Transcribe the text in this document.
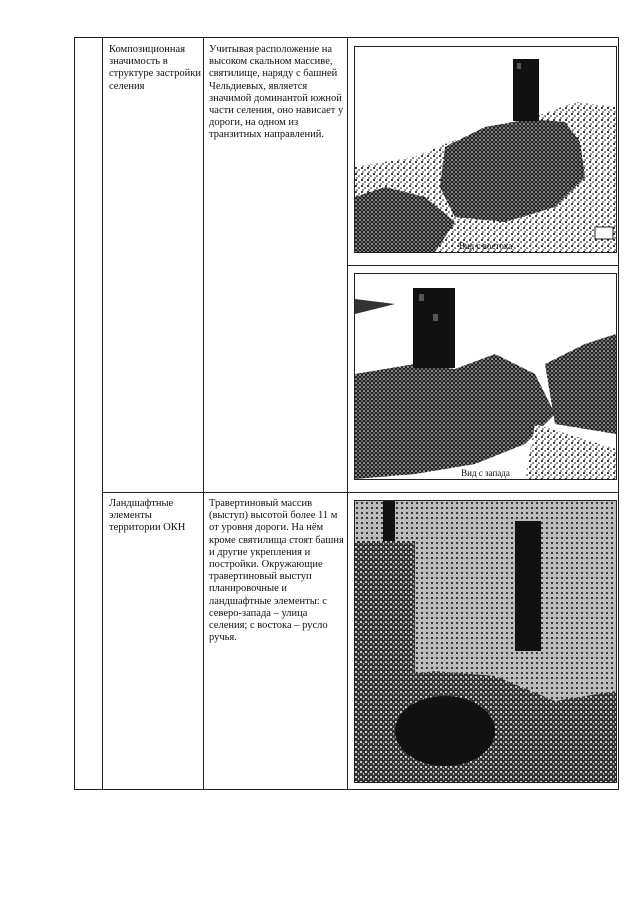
Композиционная значимость в структуре застройки селения
Учитывая расположение на высоком скальном массиве, святилище, наряду с башней Чельдиевых, является значимой доминантой южной части селения, оно нависает у дороги, на одном из транзитных направлений.
Вид с востока
Вид с запада
Ландшафтные элементы территории ОКН
Травертиновый массив (выступ) высотой более 11 м от уровня дороги. На нём кроме святилища стоят башня и другие укрепления и постройки. Окружающие травертиновый выступ планировочные и ландшафтные элементы: с северо-запада – улица селения; с востока – русло ручья.
